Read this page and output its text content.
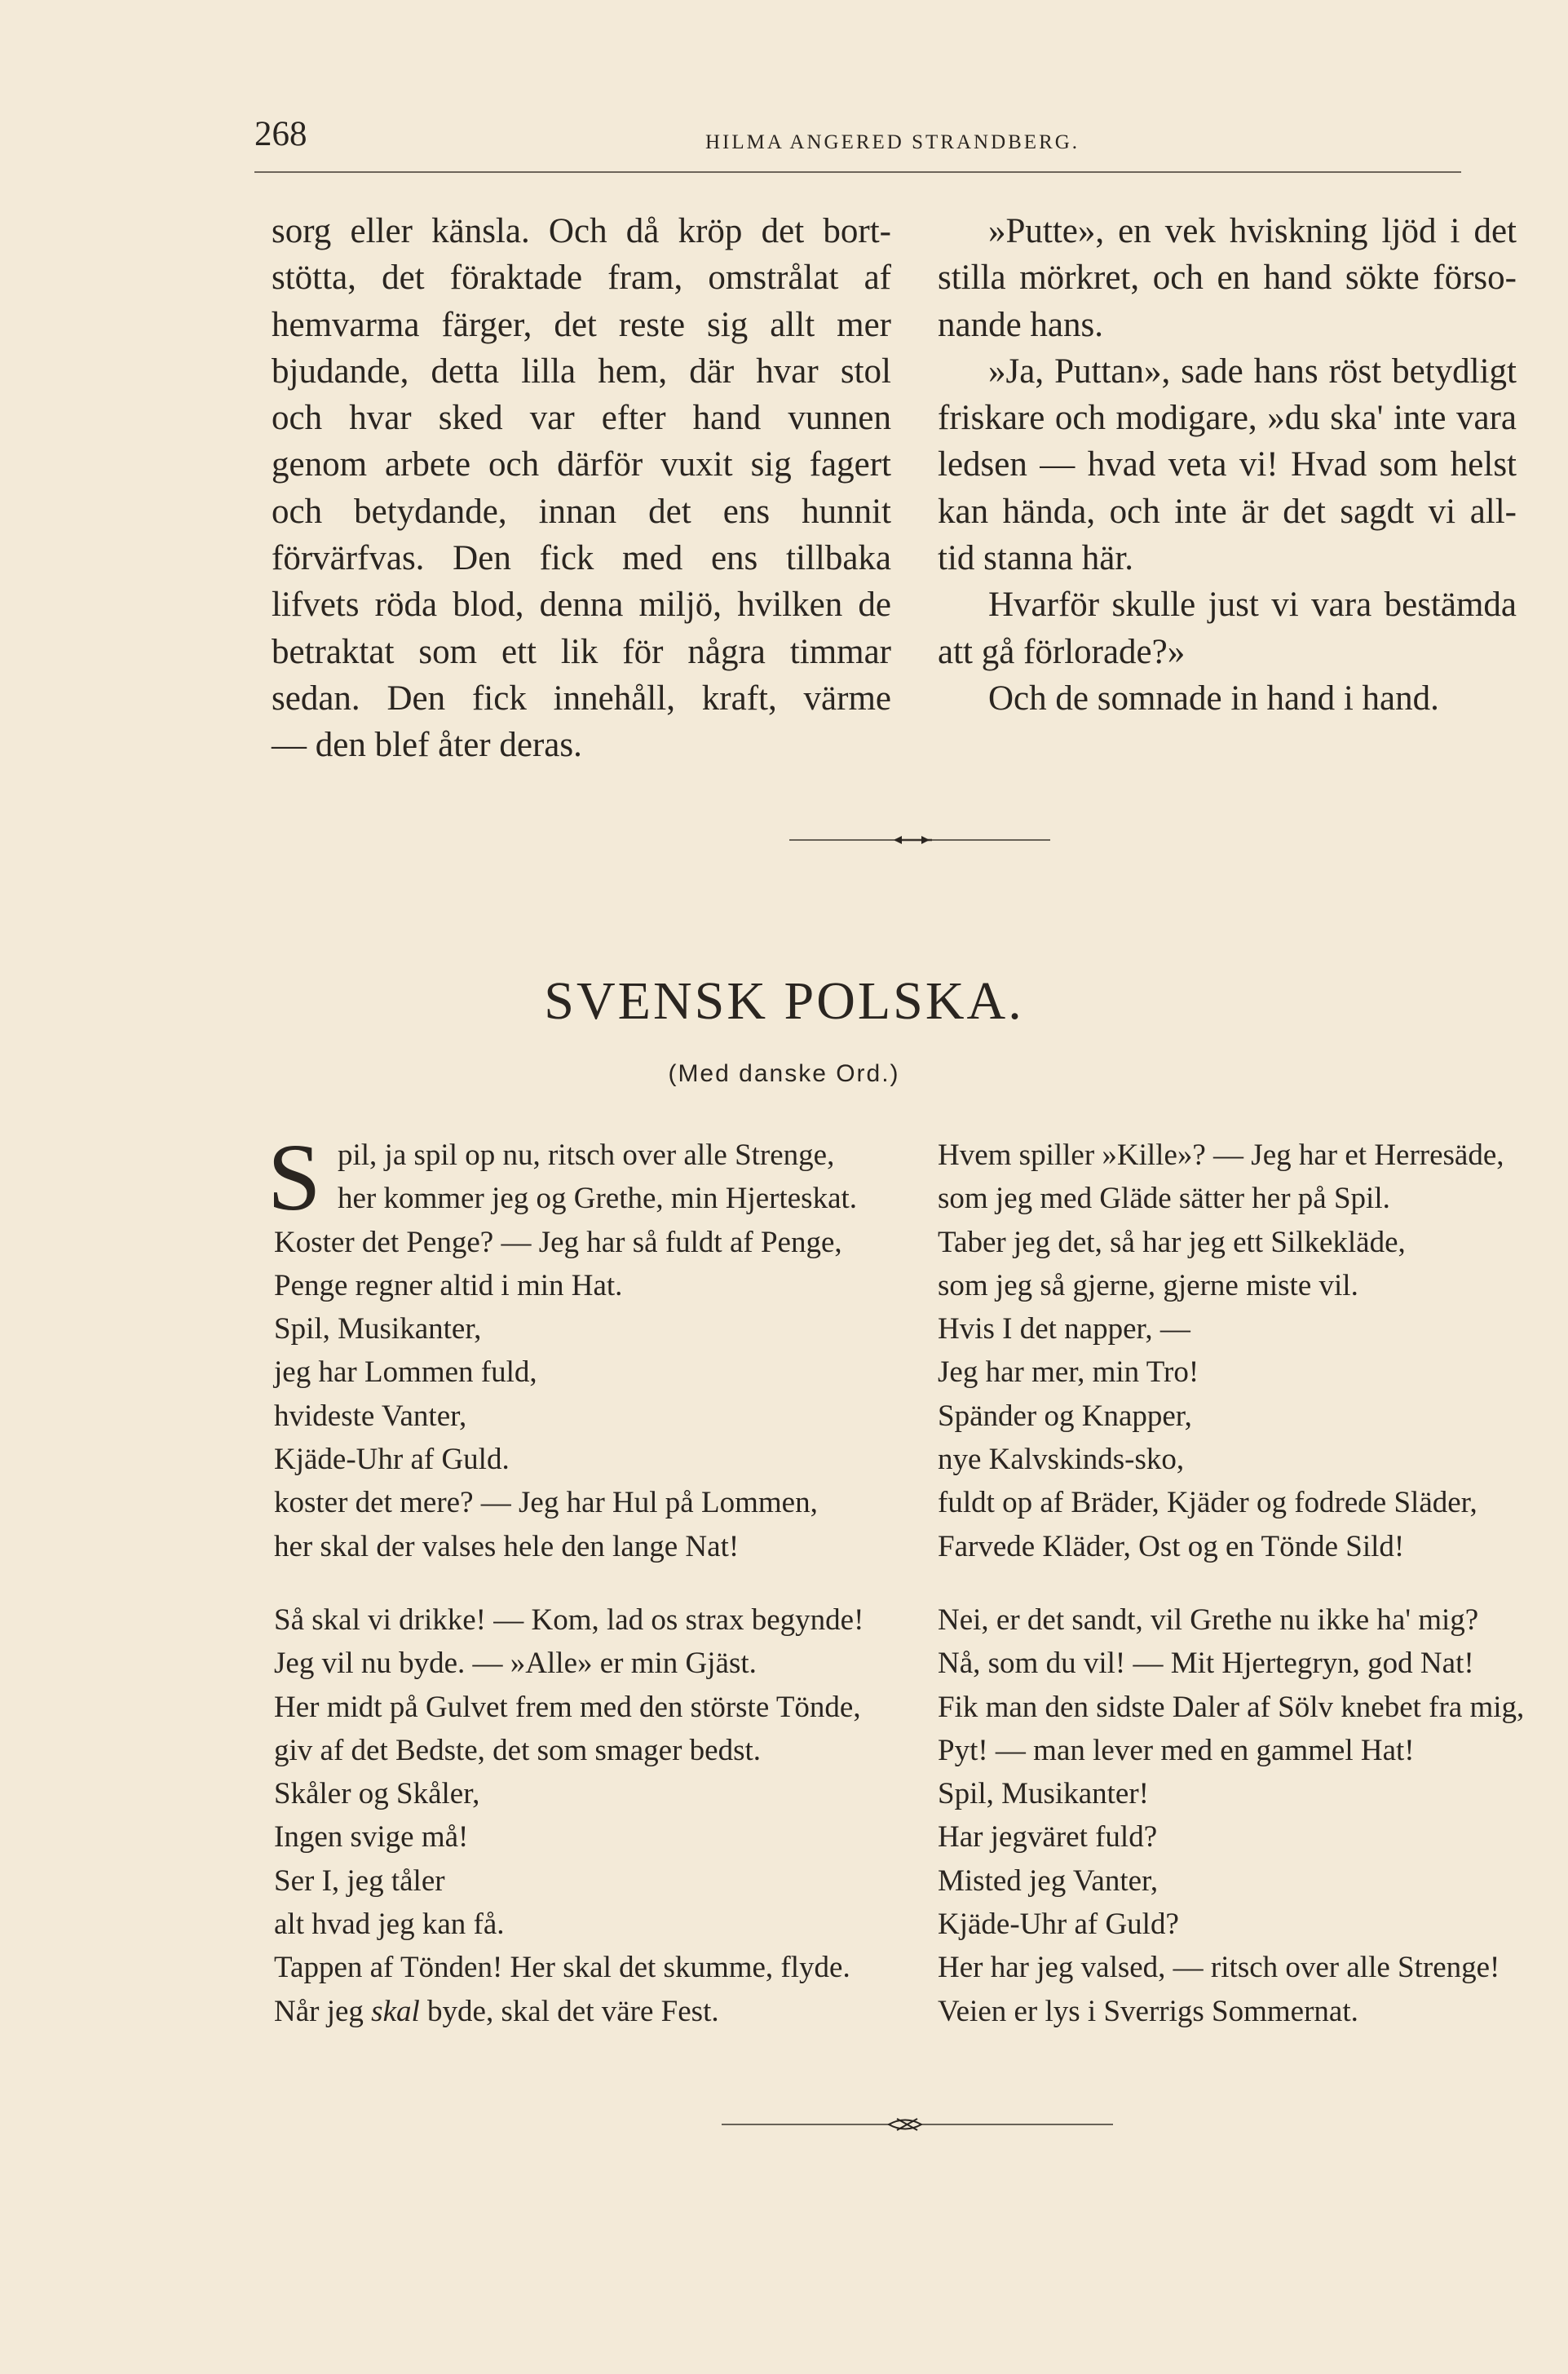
268	HILMA ANGERED STRANDBERG.

sorg eller känsla. Och då kröp det bort-

stötta, det föraktade fram, omstrålat af

hemvarma färger, det reste sig allt mer

bjudande, detta lilla hem, där hvar stol

och hvar sked var efter hand vunnen

genom arbete och därför vuxit sig fagert

och betydande, innan det ens hunnit

förvärfvas. Den fick med ens tillbaka

lifvets röda blod, denna miljö, hvilken de

betraktat som ett lik för några timmar

sedan. Den fick innehåll, kraft, värme

— den blef åter deras.

»Putte», en vek hviskning ljöd i det

stilla mörkret, och en hand sökte förso-

nande hans.

»Ja, Puttan», sade hans röst betydligt

friskare och modigare, »du ska' inte vara

ledsen — hvad veta vi! Hvad som helst

kan hända, och inte är det sagdt vi all-

tid stanna här.

Hvarför skulle just vi vara bestämda

att gå förlorade?»

Och de somnade in hand i hand.

SVENSK POLSKA.
(Med danske Ord.)
S pil, ja spil op nu, ritsch over alle Strenge,
her kommer jeg og Grethe, min Hjerteskat.
Koster det Penge? — Jeg har så fuldt af Penge,
Penge regner altid i min Hat.
Spil, Musikanter,
jeg har Lommen fuld,
hvideste Vanter,
Kjäde-Uhr af Guld.
koster det mere? — Jeg har Hul på Lommen,
her skal der valses hele den lange Nat!
Så skal vi drikke! — Kom, lad os strax begynde!
Jeg vil nu byde. — »Alle» er min Gjäst.
Her midt på Gulvet frem med den störste Tönde,
giv af det Bedste, det som smager bedst.
Skåler og Skåler,
Ingen svige må!
Ser I, jeg tåler
alt hvad jeg kan få.
Tappen af Tönden! Her skal det skumme, flyde.
Når jeg skal byde, skal det väre Fest.
Hvem spiller »Kille»? — Jeg har et Herresäde,
som jeg med Gläde sätter her på Spil.
Taber jeg det, så har jeg ett Silkekläde,
som jeg så gjerne, gjerne miste vil.
Hvis I det napper, —
Jeg har mer, min Tro!
Spänder og Knapper,
nye Kalvskinds-sko,
fuldt op af Bräder, Kjäder og fodrede Släder,
Farvede Kläder, Ost og en Tönde Sild!
Nei, er det sandt, vil Grethe nu ikke ha' mig?
Nå, som du vil! — Mit Hjertegryn, god Nat!
Fik man den sidste Daler af Sölv knebet fra mig,
Pyt! — man lever med en gammel Hat!
Spil, Musikanter!
Har jegväret fuld?
Misted jeg Vanter,
Kjäde-Uhr af Guld?
Her har jeg valsed, — ritsch over alle Strenge!
Veien er lys i Sverrigs Sommernat.
